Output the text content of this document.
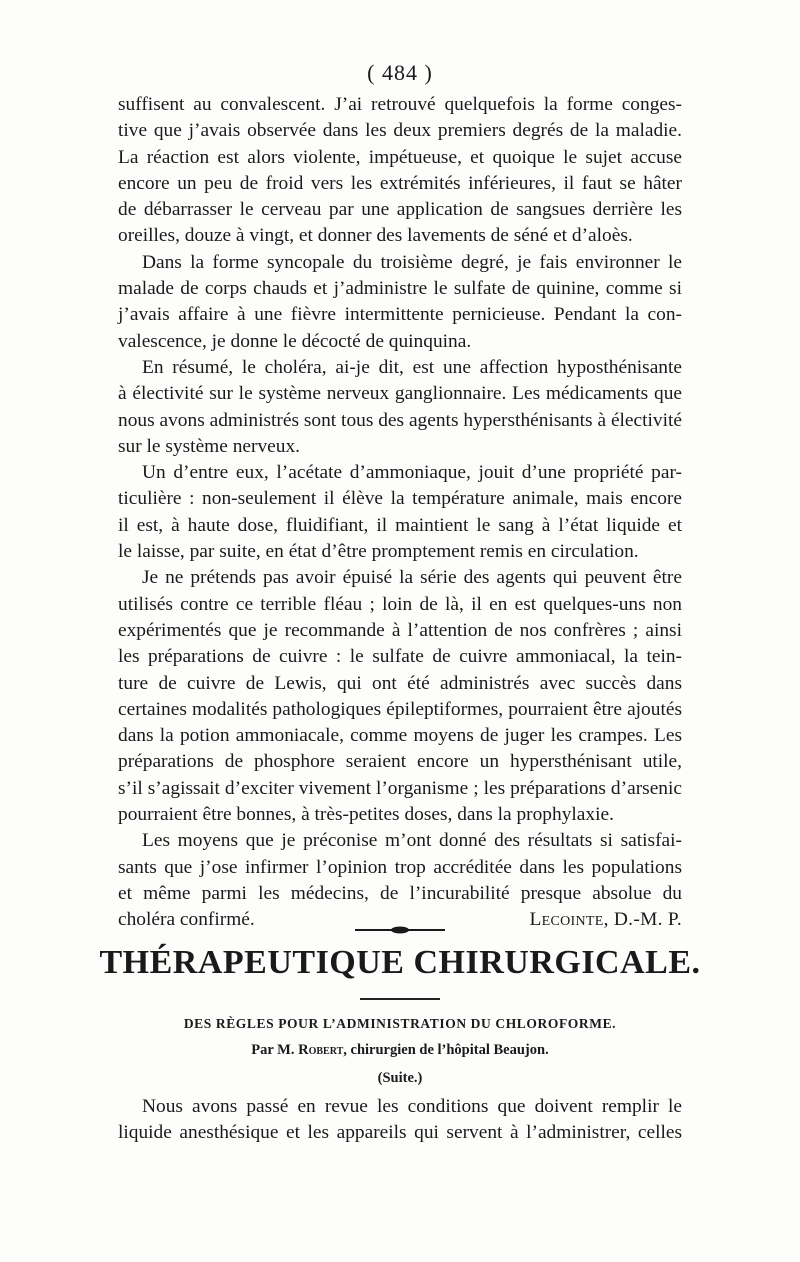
( 484 )

suffisent au convalescent. J’ai retrouvé quelquefois la forme conges-
tive que j’avais observée dans les deux premiers degrés de la maladie.
La réaction est alors violente, impétueuse, et quoique le sujet accuse
encore un peu de froid vers les extrémités inférieures, il faut se hâter
de débarrasser le cerveau par une application de sangsues derrière les
oreilles, douze à vingt, et donner des lavements de séné et d’aloès.

Dans la forme syncopale du troisième degré, je fais environner le
malade de corps chauds et j’administre le sulfate de quinine, comme si
j’avais affaire à une fièvre intermittente pernicieuse. Pendant la con-
valescence, je donne le décocté de quinquina.

En résumé, le choléra, ai-je dit, est une affection hyposthénisante
à électivité sur le système nerveux ganglionnaire. Les médicaments que
nous avons administrés sont tous des agents hypersthénisants à électivité
sur le système nerveux.

Un d’entre eux, l’acétate d’ammoniaque, jouit d’une propriété par-
ticulière : non-seulement il élève la température animale, mais encore
il est, à haute dose, fluidifiant, il maintient le sang à l’état liquide et
le laisse, par suite, en état d’être promptement remis en circulation.

Je ne prétends pas avoir épuisé la série des agents qui peuvent être
utilisés contre ce terrible fléau ; loin de là, il en est quelques-uns non
expérimentés que je recommande à l’attention de nos confrères ; ainsi
les préparations de cuivre : le sulfate de cuivre ammoniacal, la tein-
ture de cuivre de Lewis, qui ont été administrés avec succès dans
certaines modalités pathologiques épileptiformes, pourraient être ajoutés
dans la potion ammoniacale, comme moyens de juger les crampes. Les
préparations de phosphore seraient encore un hypersthénisant utile,
s’il s’agissait d’exciter vivement l’organisme ; les préparations d’arsenic
pourraient être bonnes, à très-petites doses, dans la prophylaxie.

Les moyens que je préconise m’ont donné des résultats si satisfai-
sants que j’ose infirmer l’opinion trop accréditée dans les populations
et même parmi les médecins, de l’incurabilité presque absolue du

choléra confirmé.	Lecointe, D.-M. P.
THÉRAPEUTIQUE CHIRURGICALE.
DES RÈGLES POUR L’ADMINISTRATION DU CHLOROFORME.
Par M. Robert, chirurgien de l’hôpital Beaujon.
(Suite.)

Nous avons passé en revue les conditions que doivent remplir le
liquide anesthésique et les appareils qui servent à l’administrer, celles
